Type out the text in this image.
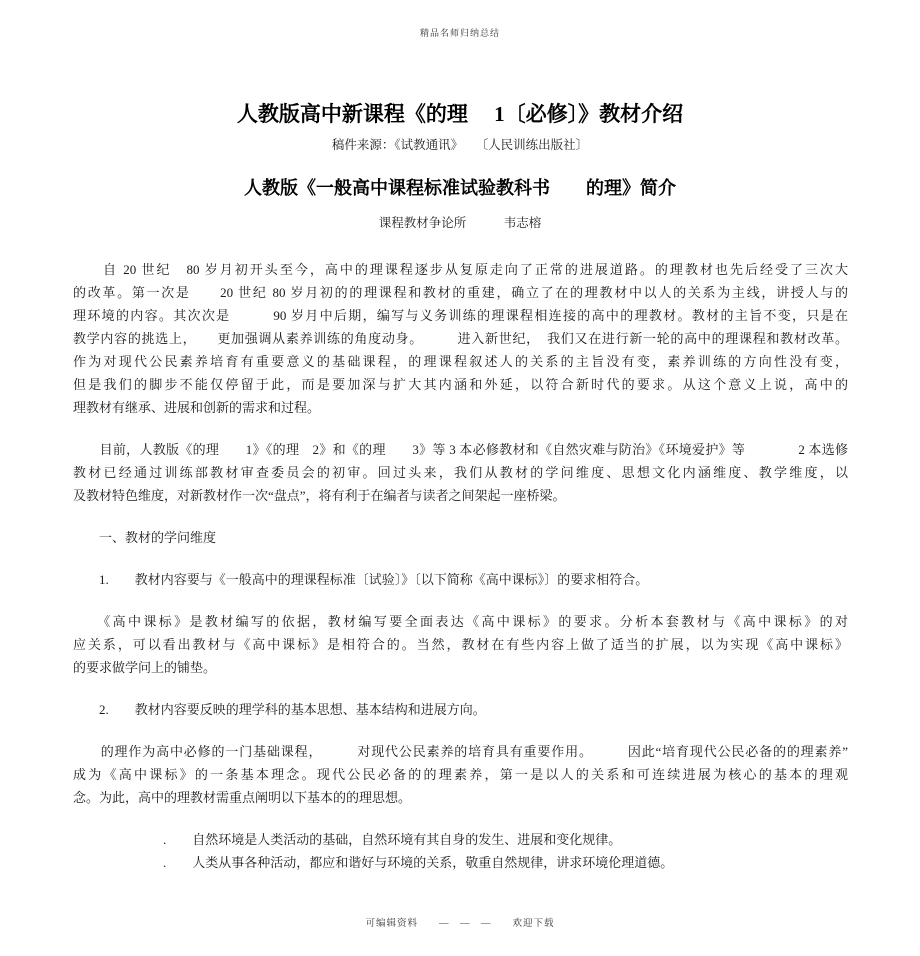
精品名师归纳总结
人教版高中新课程《的理　 1〔必修〕》教材介绍
稿件来源：《试教通讯》　　〔人民训练出版社〕
人教版《一般高中课程标准试验教科书　　的理》简介
课程教材争论所　　　韦志榕
　　自 20 世纪　80 岁月初开头至今，高中的理课程逐步从复原走向了正常的进展道路。的理教材也先后经受了三次大
的改革。第一次是　　20 世纪 80 岁月初的的理课程和教材的重建，确立了在的理教材中以人的关系为主线，讲授人与的
理环境的内容。其次次是　　　90 岁月中后期，编写与义务训练的理课程相连接的高中的理教材。教材的主旨不变，只是在
教学内容的挑选上，　　更加强调从素养训练的角度动身。　　　进入新世纪，　我们又在进行新一轮的高中的理课程和教材改革。
作为对现代公民素养培育有重要意义的基础课程，的理课程叙述人的关系的主旨没有变，素养训练的方向性没有变，
但是我们的脚步不能仅停留于此，而是要加深与扩大其内涵和外延，以符合新时代的要求。从这个意义上说，高中的
理教材有继承、进展和创新的需求和过程。
　　目前，人教版《的理　　1》《的理　2》和《的理　　3》等 3 本必修教材和《自然灾难与防治》《环境爱护》等　　　　2 本选修
教材已经通过训练部教材审查委员会的初审。回过头来，我们从教材的学问维度、思想文化内涵维度、教学维度，以
及教材特色维度，对新教材作一次“盘点”，将有利于在编者与读者之间架起一座桥梁。
　　一、教材的学问维度
　　1.　　教材内容要与《一般高中的理课程标准〔试验〕》〔以下简称《高中课标》〕的要求相符合。
　　《高中课标》是教材编写的依据，教材编写要全面表达《高中课标》的要求。分析本套教材与《高中课标》的对
应关系，可以看出教材与《高中课标》是相符合的。当然，教材在有些内容上做了适当的扩展，以为实现《高中课标》
的要求做学问上的铺垫。
　　2.　　教材内容要反映的理学科的基本思想、基本结构和进展方向。
　　的理作为高中必修的一门基础课程，　　　对现代公民素养的培育具有重要作用。　　　因此“培育现代公民必备的的理素养”
成为《高中课标》的一条基本理念。现代公民必备的的理素养，第一是以人的关系和可连续进展为核心的基本的理观
念。为此，高中的理教材需重点阐明以下基本的的理思想。
.　　自然环境是人类活动的基础，自然环境有其自身的发生、进展和变化规律。
.　　人类从事各种活动，都应和谐好与环境的关系，敬重自然规律，讲求环境伦理道德。
可编辑资料　　—　—　—　　欢迎下载
